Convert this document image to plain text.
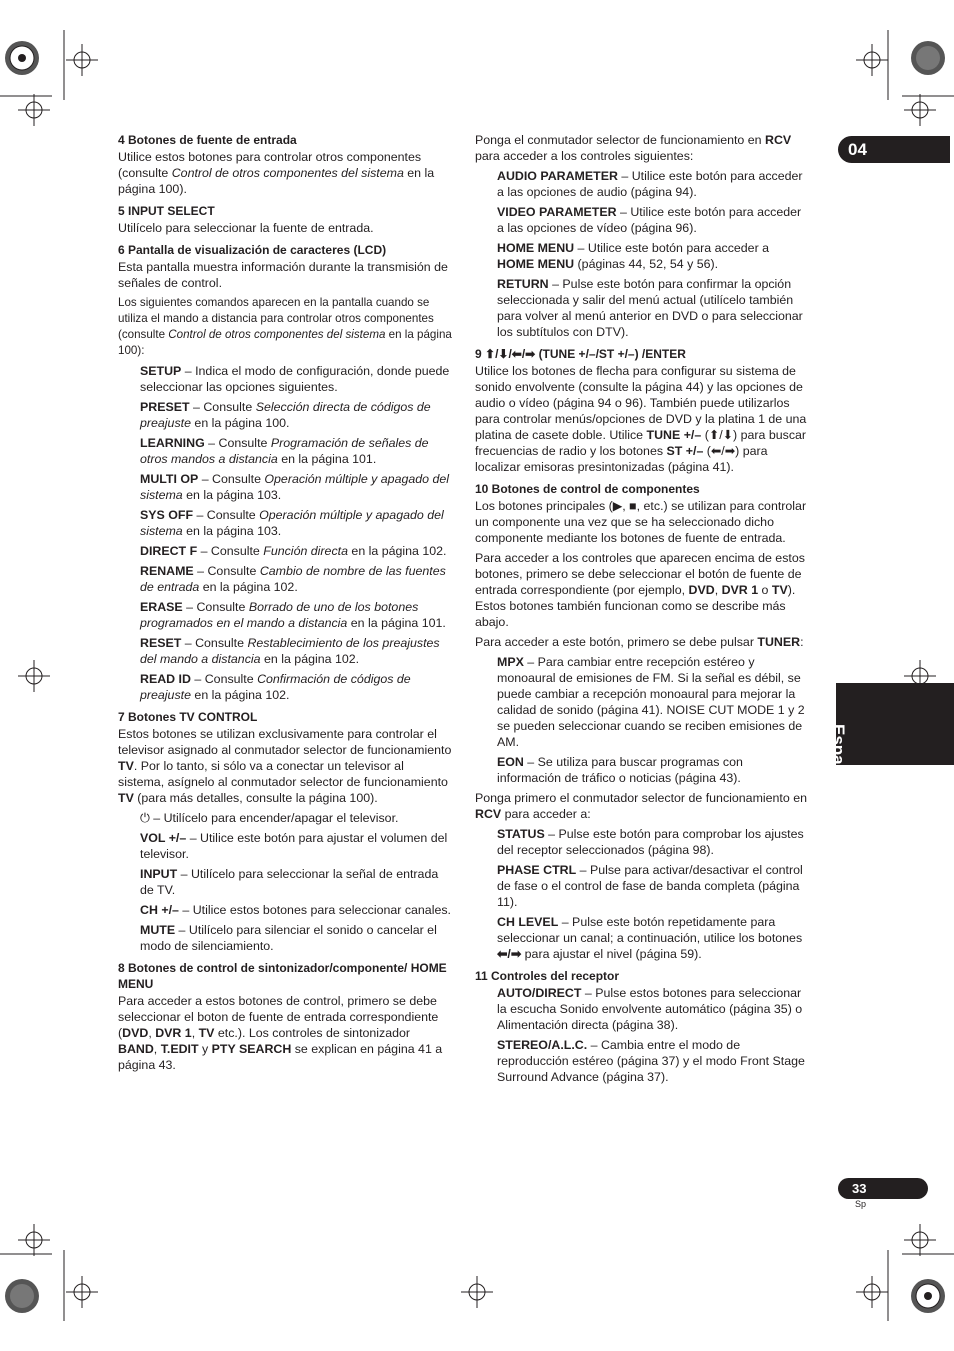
04
Español
4 Botones de fuente de entrada
Utilice estos botones para controlar otros componentes (consulte Control de otros componentes del sistema en la página 100).
5 INPUT SELECT
Utilícelo para seleccionar la fuente de entrada.
6 Pantalla de visualización de caracteres (LCD)
Esta pantalla muestra información durante la transmisión de señales de control.
Los siguientes comandos aparecen en la pantalla cuando se utiliza el mando a distancia para controlar otros componentes (consulte Control de otros componentes del sistema en la página 100):
SETUP – Indica el modo de configuración, donde puede seleccionar las opciones siguientes.
PRESET – Consulte Selección directa de códigos de preajuste en la página 100.
LEARNING – Consulte Programación de señales de otros mandos a distancia en la página 101.
MULTI OP – Consulte Operación múltiple y apagado del sistema en la página 103.
SYS OFF – Consulte Operación múltiple y apagado del sistema en la página 103.
DIRECT F – Consulte Función directa en la página 102.
RENAME – Consulte Cambio de nombre de las fuentes de entrada en la página 102.
ERASE – Consulte Borrado de uno de los botones programados en el mando a distancia en la página 101.
RESET – Consulte Restablecimiento de los preajustes del mando a distancia en la página 102.
READ ID – Consulte Confirmación de códigos de preajuste en la página 102.
7 Botones TV CONTROL
Estos botones se utilizan exclusivamente para controlar el televisor asignado al conmutador selector de funcionamiento TV. Por lo tanto, si sólo va a conectar un televisor al sistema, asígnelo al conmutador selector de funcionamiento TV (para más detalles, consulte la página 100).
⏻ – Utilícelo para encender/apagar el televisor.
VOL +/– – Utilice este botón para ajustar el volumen del televisor.
INPUT – Utilícelo para seleccionar la señal de entrada de TV.
CH +/– – Utilice estos botones para seleccionar canales.
MUTE – Utilícelo para silenciar el sonido o cancelar el modo de silenciamiento.
8 Botones de control de sintonizador/componente/ HOME MENU
Para acceder a estos botones de control, primero se debe seleccionar el boton de fuente de entrada correspondiente (DVD, DVR 1, TV etc.). Los controles de sintonizador BAND, T.EDIT y PTY SEARCH se explican en página 41 a página 43.
Ponga el conmutador selector de funcionamiento en RCV para acceder a los controles siguientes:
AUDIO PARAMETER – Utilice este botón para acceder a las opciones de audio (página 94).
VIDEO PARAMETER – Utilice este botón para acceder a las opciones de vídeo (página 96).
HOME MENU – Utilice este botón para acceder a HOME MENU (páginas 44, 52, 54 y 56).
RETURN – Pulse este botón para confirmar la opción seleccionada y salir del menú actual (utilícelo también para volver al menú anterior en DVD o para seleccionar los subtítulos con DTV).
9 ⬆/⬇/⬅/➡ (TUNE +/–/ST +/–) /ENTER
Utilice los botones de flecha para configurar su sistema de sonido envolvente (consulte la página 44) y las opciones de audio o vídeo (página 94 o 96). También puede utilizarlos para controlar menús/opciones de DVD y la platina 1 de una platina de casete doble. Utilice TUNE +/– (⬆/⬇) para buscar frecuencias de radio y los botones ST +/– (⬅/➡) para localizar emisoras presintonizadas (página 41).
10 Botones de control de componentes
Los botones principales (▶, ■, etc.) se utilizan para controlar un componente una vez que se ha seleccionado dicho componente mediante los botones de fuente de entrada.
Para acceder a los controles que aparecen encima de estos botones, primero se debe seleccionar el botón de fuente de entrada correspondiente (por ejemplo, DVD, DVR 1 o TV). Estos botones también funcionan como se describe más abajo.
Para acceder a este botón, primero se debe pulsar TUNER:
MPX – Para cambiar entre recepción estéreo y monoaural de emisiones de FM. Si la señal es débil, se puede cambiar a recepción monoaural para mejorar la calidad de sonido (página 41). NOISE CUT MODE 1 y 2 se pueden seleccionar cuando se reciben emisiones de AM.
EON – Se utiliza para buscar programas con información de tráfico o noticias (página 43).
Ponga primero el conmutador selector de funcionamiento en RCV para acceder a:
STATUS – Pulse este botón para comprobar los ajustes del receptor seleccionados (página 98).
PHASE CTRL – Pulse para activar/desactivar el control de fase o el control de fase de banda completa (página 11).
CH LEVEL – Pulse este botón repetidamente para seleccionar un canal; a continuación, utilice los botones ⬅/➡ para ajustar el nivel (página 59).
11 Controles del receptor
AUTO/DIRECT – Pulse estos botones para seleccionar la escucha Sonido envolvente automático (página 35) o Alimentación directa (página 38).
STEREO/A.L.C. – Cambia entre el modo de reproducción estéreo (página 37) y el modo Front Stage Surround Advance (página 37).
33
Sp
